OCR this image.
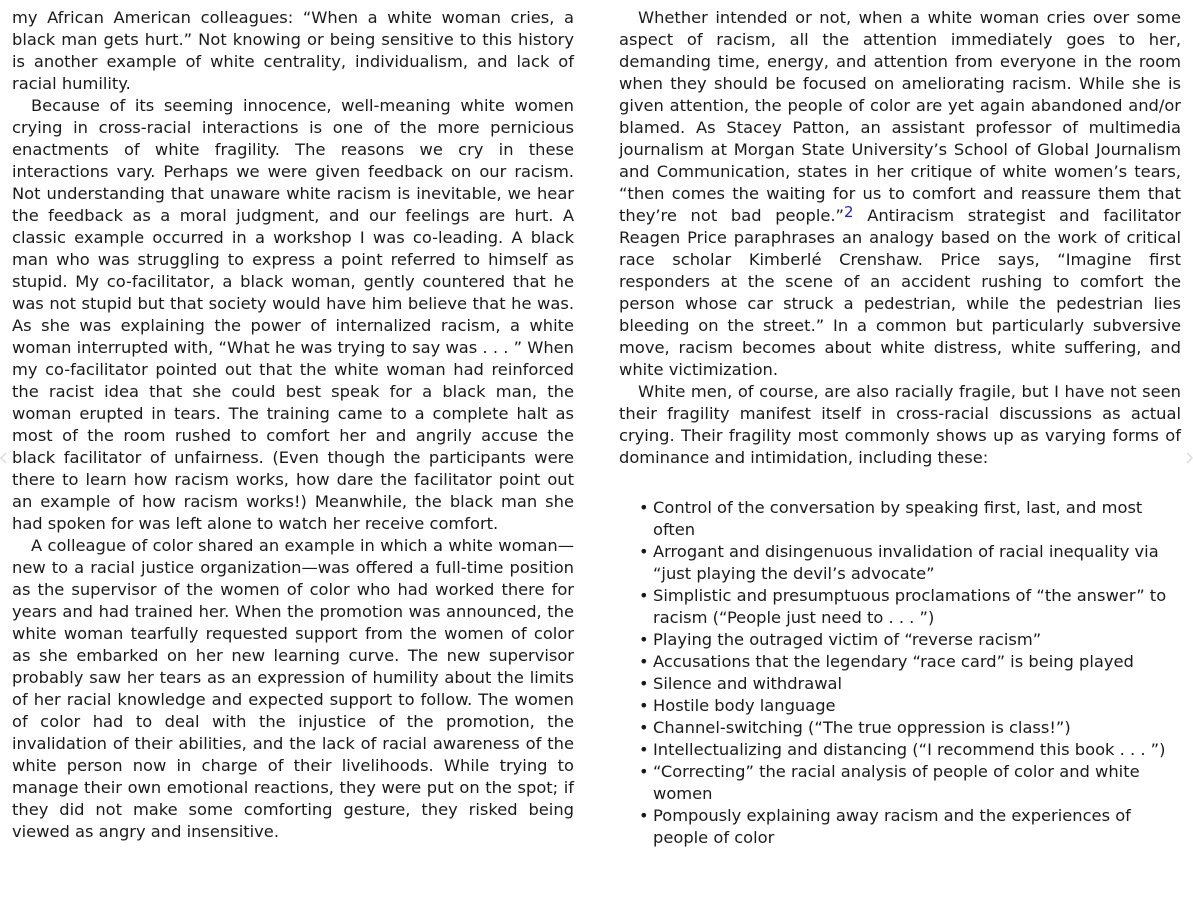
my African American colleagues: “When a white woman cries, a black man gets hurt.” Not knowing or being sensitive to this history is another example of white centrality, individualism, and lack of racial humility.

Because of its seeming innocence, well-meaning white women crying in cross-racial interactions is one of the more pernicious enactments of white fragility. The reasons we cry in these interactions vary. Perhaps we were given feedback on our racism. Not understanding that unaware white racism is inevitable, we hear the feedback as a moral judgment, and our feelings are hurt. A classic example occurred in a workshop I was co-leading. A black man who was struggling to express a point referred to himself as stupid. My co-facilitator, a black woman, gently countered that he was not stupid but that society would have him believe that he was. As she was explaining the power of internalized racism, a white woman interrupted with, “What he was trying to say was . . . ” When my co-facilitator pointed out that the white woman had reinforced the racist idea that she could best speak for a black man, the woman erupted in tears. The training came to a complete halt as most of the room rushed to comfort her and angrily accuse the black facilitator of unfairness. (Even though the participants were there to learn how racism works, how dare the facilitator point out an example of how racism works!) Meanwhile, the black man she had spoken for was left alone to watch her receive comfort.

A colleague of color shared an example in which a white woman—new to a racial justice organization—was offered a full-time position as the supervisor of the women of color who had worked there for years and had trained her. When the promotion was announced, the white woman tearfully requested support from the women of color as she embarked on her new learning curve. The new supervisor probably saw her tears as an expression of humility about the limits of her racial knowledge and expected support to follow. The women of color had to deal with the injustice of the promotion, the invalidation of their abilities, and the lack of racial awareness of the white person now in charge of their livelihoods. While trying to manage their own emotional reactions, they were put on the spot; if they did not make some comforting gesture, they risked being viewed as angry and insensitive.

Whether intended or not, when a white woman cries over some aspect of racism, all the attention immediately goes to her, demanding time, energy, and attention from everyone in the room when they should be focused on ameliorating racism. While she is given attention, the people of color are yet again abandoned and/or blamed. As Stacey Patton, an assistant professor of multimedia journalism at Morgan State University’s School of Global Journalism and Communication, states in her critique of white women’s tears, “then comes the waiting for us to comfort and reassure them that they’re not bad people.”2 Antiracism strategist and facilitator Reagen Price paraphrases an analogy based on the work of critical race scholar Kimberlé Crenshaw. Price says, “Imagine first responders at the scene of an accident rushing to comfort the person whose car struck a pedestrian, while the pedestrian lies bleeding on the street.” In a common but particularly subversive move, racism becomes about white distress, white suffering, and white victimization.

White men, of course, are also racially fragile, but I have not seen their fragility manifest itself in cross-racial discussions as actual crying. Their fragility most commonly shows up as varying forms of dominance and intimidation, including these:

• Control of the conversation by speaking first, last, and most often
• Arrogant and disingenuous invalidation of racial inequality via “just playing the devil’s advocate”
• Simplistic and presumptuous proclamations of “the answer” to racism (“People just need to . . . ”)
• Playing the outraged victim of “reverse racism”
• Accusations that the legendary “race card” is being played
• Silence and withdrawal
• Hostile body language
• Channel-switching (“The true oppression is class!”)
• Intellectualizing and distancing (“I recommend this book . . . ”)
• “Correcting” the racial analysis of people of color and white women
• Pompously explaining away racism and the experiences of people of color
